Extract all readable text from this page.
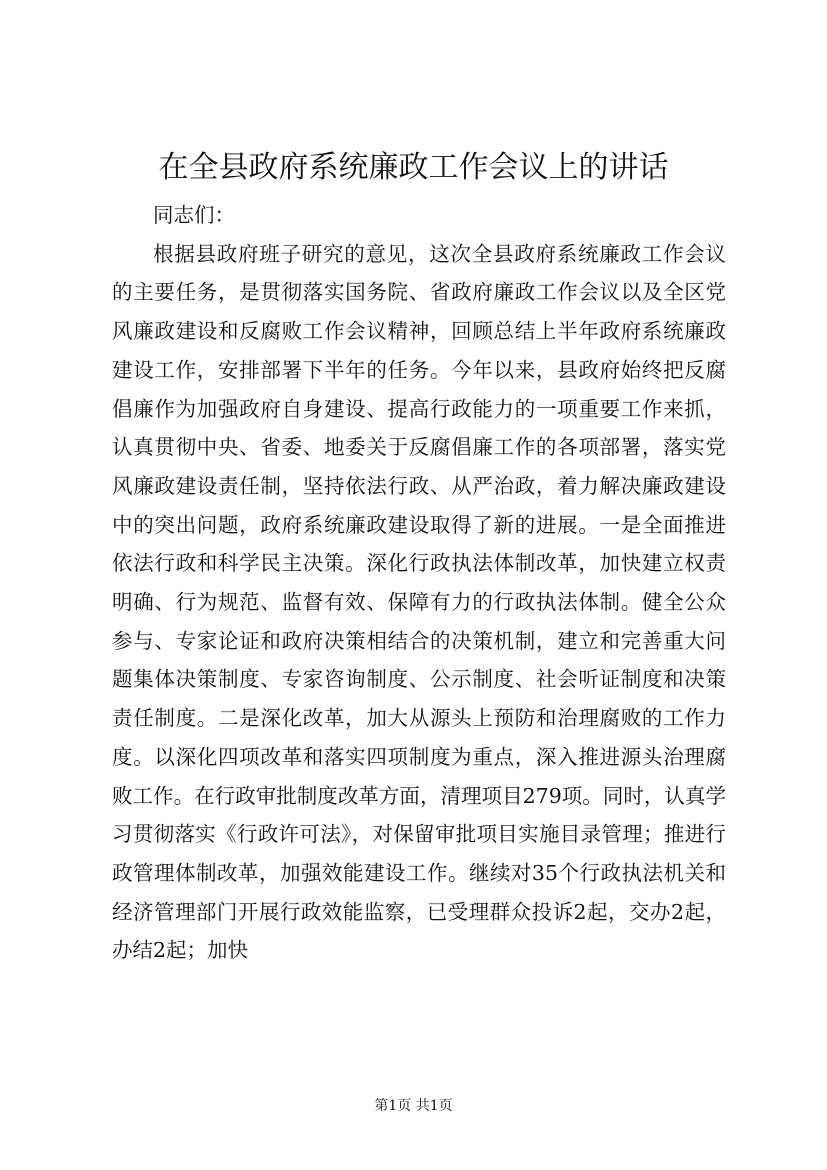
在全县政府系统廉政工作会议上的讲话

同志们：

根据县政府班子研究的意见，这次全县政府系统廉政工作会议的主要任务，是贯彻落实国务院、省政府廉政工作会议以及全区党风廉政建设和反腐败工作会议精神，回顾总结上半年政府系统廉政建设工作，安排部署下半年的任务。今年以来，县政府始终把反腐倡廉作为加强政府自身建设、提高行政能力的一项重要工作来抓，认真贯彻中央、省委、地委关于反腐倡廉工作的各项部署，落实党风廉政建设责任制，坚持依法行政、从严治政，着力解决廉政建设中的突出问题，政府系统廉政建设取得了新的进展。一是全面推进依法行政和科学民主决策。深化行政执法体制改革，加快建立权责明确、行为规范、监督有效、保障有力的行政执法体制。健全公众参与、专家论证和政府决策相结合的决策机制，建立和完善重大问题集体决策制度、专家咨询制度、公示制度、社会听证制度和决策责任制度。二是深化改革，加大从源头上预防和治理腐败的工作力度。以深化四项改革和落实四项制度为重点，深入推进源头治理腐败工作。在行政审批制度改革方面，清理项目279项。同时，认真学习贯彻落实《行政许可法》，对保留审批项目实施目录管理；推进行政管理体制改革，加强效能建设工作。继续对35个行政执法机关和经济管理部门开展行政效能监察，已受理群众投诉2起，交办2起，办结2起；加快

第1页 共1页
